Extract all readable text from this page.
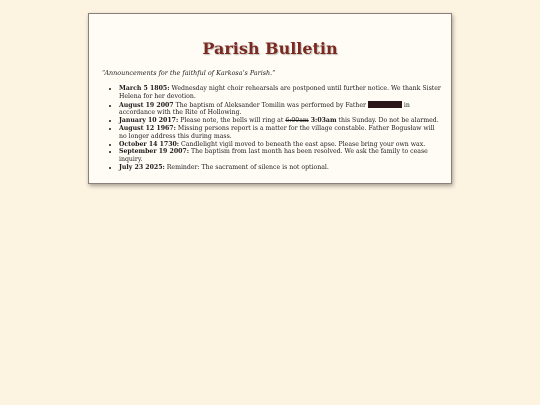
Parish Bulletin

“Announcements for the faithful of Karkosa’s Parish.”

• March 5 1805: Wednesday night choir rehearsals are postponed until further notice. We thank Sister Helena for her devotion.
• August 19 2007 The baptism of Aleksander Tomilin was performed by Father	in accordance with the Rite of Hollowing.
• January 10 2017: Please note, the bells will ring at 6:00am 3:03am this Sunday. Do not be alarmed.
• August 12 1967: Missing persons report is a matter for the village constable. Father Bogusław will no longer address this during mass.
• October 14 1730: Candlelight vigil moved to beneath the east apse. Please bring your own wax.
• September 19 2007: The baptism from last month has been resolved. We ask the family to cease inquiry.
• July 23 2025: Reminder: The sacrament of silence is not optional.
